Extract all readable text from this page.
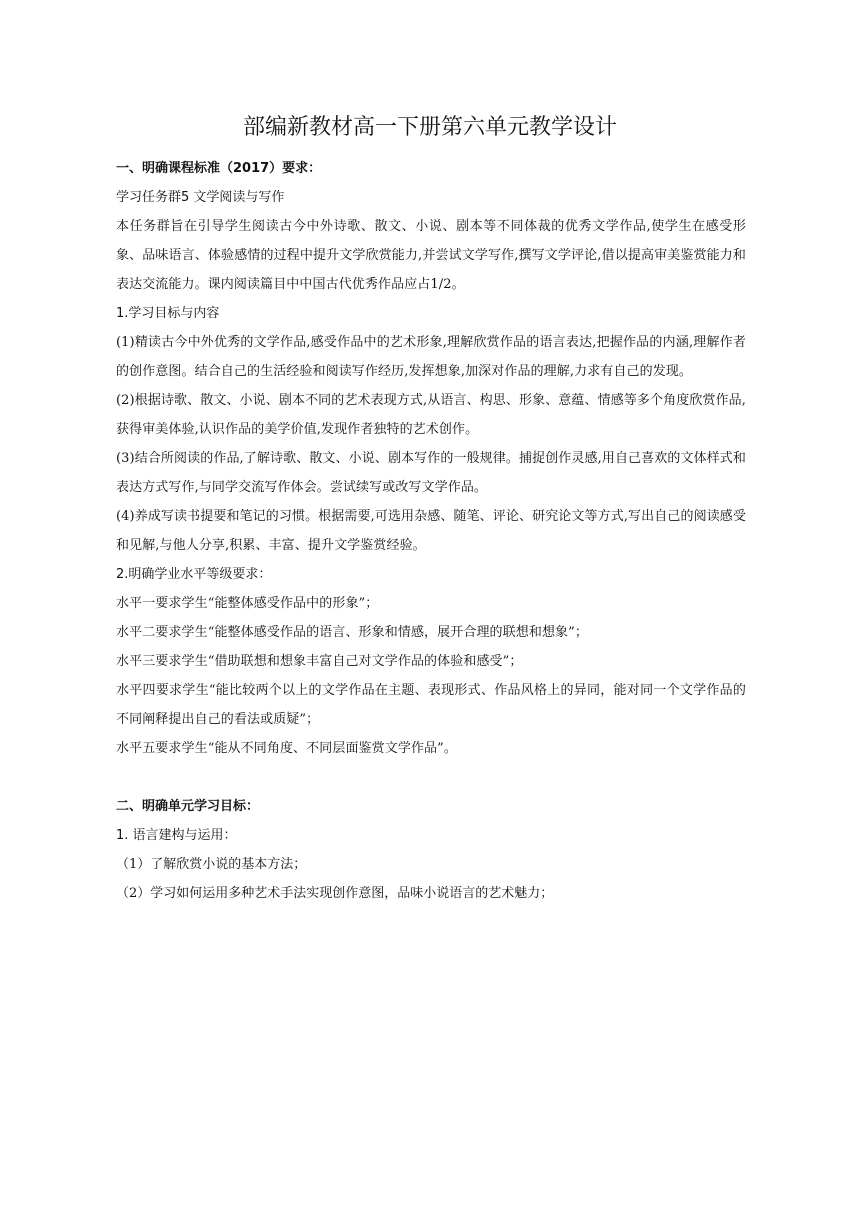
部编新教材高一下册第六单元教学设计

一、明确课程标准（2017）要求：

学习任务群5 文学阅读与写作

本任务群旨在引导学生阅读古今中外诗歌、散文、小说、剧本等不同体裁的优秀文学作品,使学生在感受形象、品味语言、体验感情的过程中提升文学欣赏能力,并尝试文学写作,撰写文学评论,借以提高审美鉴赏能力和表达交流能力。课内阅读篇目中中国古代优秀作品应占1/2。

1.学习目标与内容

(1)精读古今中外优秀的文学作品,感受作品中的艺术形象,理解欣赏作品的语言表达,把握作品的内涵,理解作者的创作意图。结合自己的生活经验和阅读写作经历,发挥想象,加深对作品的理解,力求有自己的发现。

(2)根据诗歌、散文、小说、剧本不同的艺术表现方式,从语言、构思、形象、意蕴、情感等多个角度欣赏作品,获得审美体验,认识作品的美学价值,发现作者独特的艺术创作。

(3)结合所阅读的作品,了解诗歌、散文、小说、剧本写作的一般规律。捕捉创作灵感,用自己喜欢的文体样式和表达方式写作,与同学交流写作体会。尝试续写或改写文学作品。

(4)养成写读书提要和笔记的习惯。根据需要,可选用杂感、随笔、评论、研究论文等方式,写出自己的阅读感受和见解,与他人分享,积累、丰富、提升文学鉴赏经验。

2.明确学业水平等级要求：

水平一要求学生“能整体感受作品中的形象”；

水平二要求学生“能整体感受作品的语言、形象和情感，展开合理的联想和想象”；

水平三要求学生“借助联想和想象丰富自己对文学作品的体验和感受”；

水平四要求学生“能比较两个以上的文学作品在主题、表现形式、作品风格上的异同，能对同一个文学作品的不同阐释提出自己的看法或质疑”；

水平五要求学生“能从不同角度、不同层面鉴赏文学作品”。

二、明确单元学习目标：

1. 语言建构与运用：

（1）了解欣赏小说的基本方法；

（2）学习如何运用多种艺术手法实现创作意图，品味小说语言的艺术魅力；
